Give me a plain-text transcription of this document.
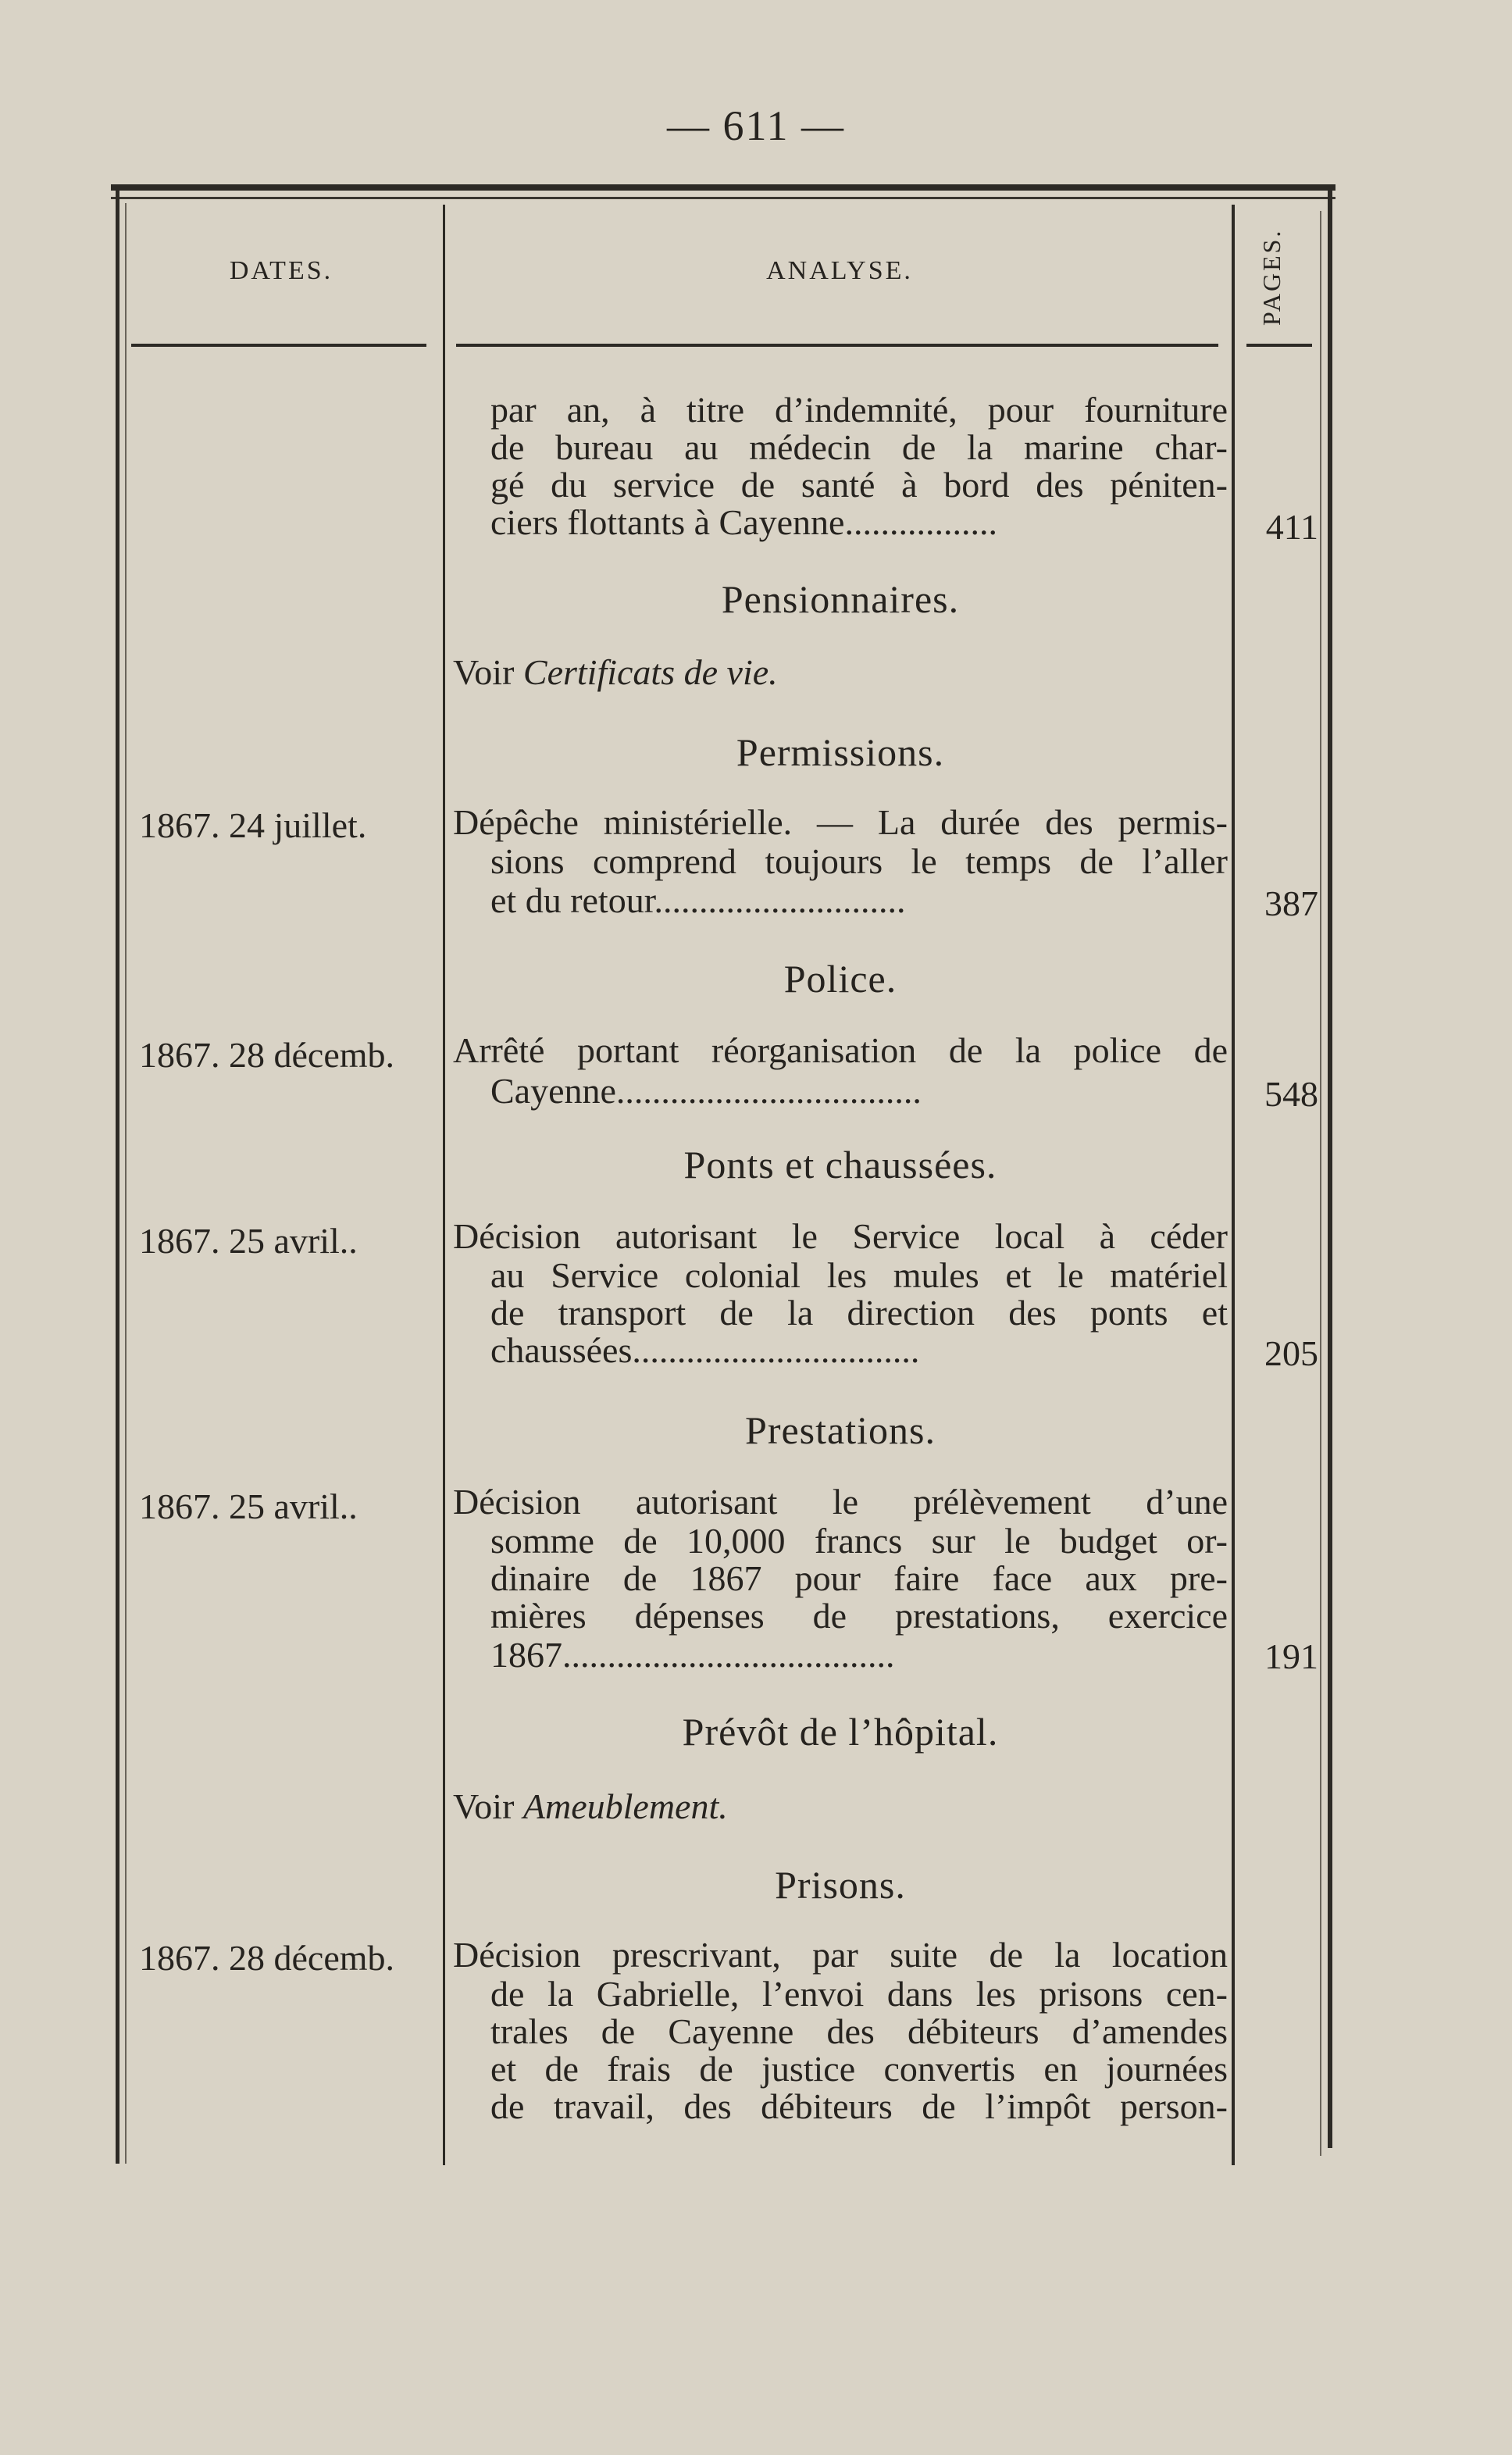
— 611 —
DATES.	ANALYSE.	PAGES.
par an, à titre d’indemnité, pour fourniture
de bureau au médecin de la marine char-
gé du service de santé à bord des péniten-
ciers flottants à Cayenne.................	411
Pensionnaires.
Voir Certificats de vie.
Permissions.
1867. 24 juillet.	Dépêche ministérielle. — La durée des permis-
sions comprend toujours le temps de l’aller
et du retour............................	387
Police.
1867. 28 décemb.	Arrêté portant réorganisation de la police de
Cayenne..................................	548
Ponts et chaussées.
1867. 25 avril..	Décision autorisant le Service local à céder
au Service colonial les mules et le matériel
de transport de la direction des ponts et
chaussées................................	205
Prestations.
1867. 25 avril..	Décision autorisant le prélèvement d’une
somme de 10,000 francs sur le budget or-
dinaire de 1867 pour faire face aux pre-
mières dépenses de prestations, exercice
1867.....................................	191
Prévôt de l’hôpital.
Voir Ameublement.
Prisons.
1867. 28 décemb.	Décision prescrivant, par suite de la location
de la Gabrielle, l’envoi dans les prisons cen-
trales de Cayenne des débiteurs d’amendes
et de frais de justice convertis en journées
de travail, des débiteurs de l’impôt person-
